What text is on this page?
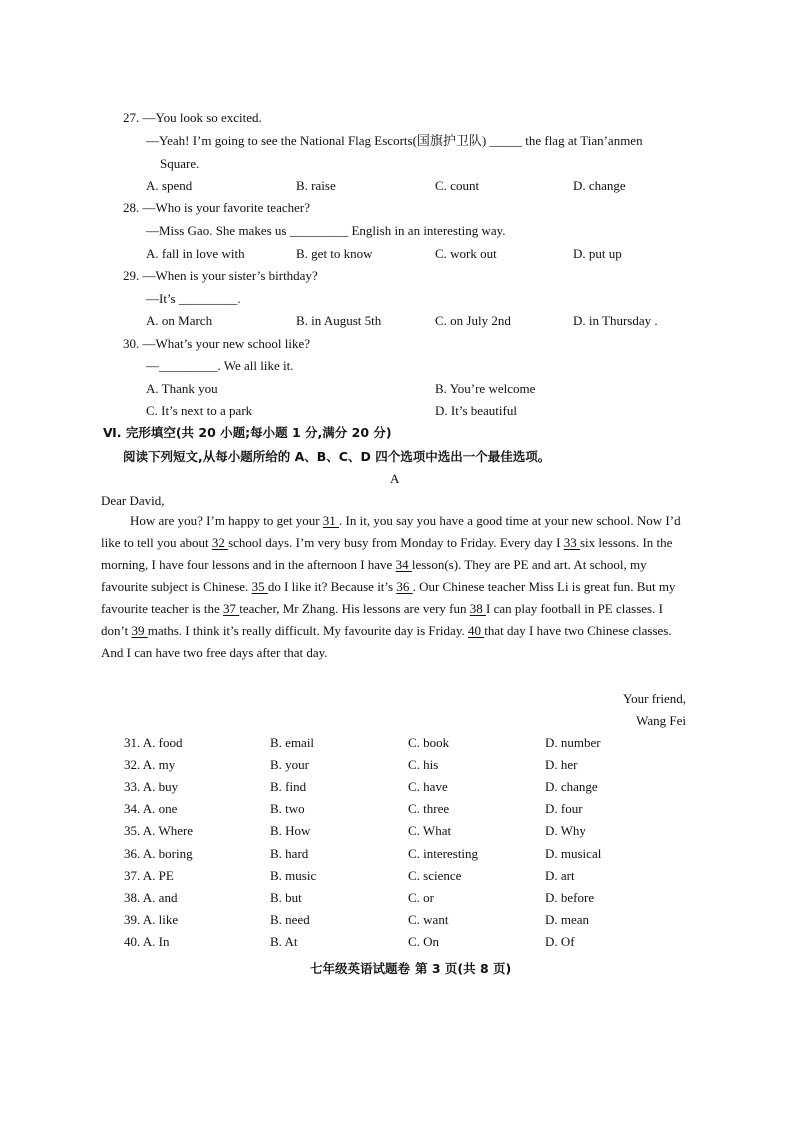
27. —You look so excited.
—Yeah! I’m going to see the National Flag Escorts(国旗护卫队) _____ the flag at Tian’anmen
Square.
A. spend	B. raise	C. count	D. change
28. —Who is your favorite teacher?
—Miss Gao. She makes us _________ English in an interesting way.
A. fall in love with	B. get to know	C. work out	D. put up
29. —When is your sister’s birthday?
—It’s _________.
A. on March	B. in August 5th	C. on July 2nd	D. in Thursday .
30. —What’s your new school like?
—_________. We all like it.
A. Thank you	B. You’re welcome
C. It’s next to a park	D. It’s beautiful
Ⅵ. 完形填空(共 20 小题;每小题 1 分,满分 20 分)
阅读下列短文,从每小题所给的 A、B、C、D 四个选项中选出一个最佳选项。
A
Dear David,
How are you? I’m happy to get your 31 . In it, you say you have a good time at your new school. Now I’d like to tell you about 32 school days. I’m very busy from Monday to Friday. Every day I 33 six lessons. In the morning, I have four lessons and in the afternoon I have 34 lesson(s). They are PE and art. At school, my favourite subject is Chinese. 35 do I like it? Because it’s 36 . Our Chinese teacher Miss Li is great fun. But my favourite teacher is the 37 teacher, Mr Zhang. His lessons are very fun 38 I can play football in PE classes. I don’t 39 maths. I think it’s really difficult. My favourite day is Friday. 40 that day I have two Chinese classes. And I can have two free days after that day.
Your friend,
Wang Fei
31. A. food	B. email	C. book	D. number
32. A. my	B. your	C. his	D. her
33. A. buy	B. find	C. have	D. change
34. A. one	B. two	C. three	D. four
35. A. Where	B. How	C. What	D. Why
36. A. boring	B. hard	C. interesting	D. musical
37. A. PE	B. music	C. science	D. art
38. A. and	B. but	C. or	D. before
39. A. like	B. need	C. want	D. mean
40. A. In	B. At	C. On	D. Of
七年级英语试题卷 第 3 页(共 8 页)
